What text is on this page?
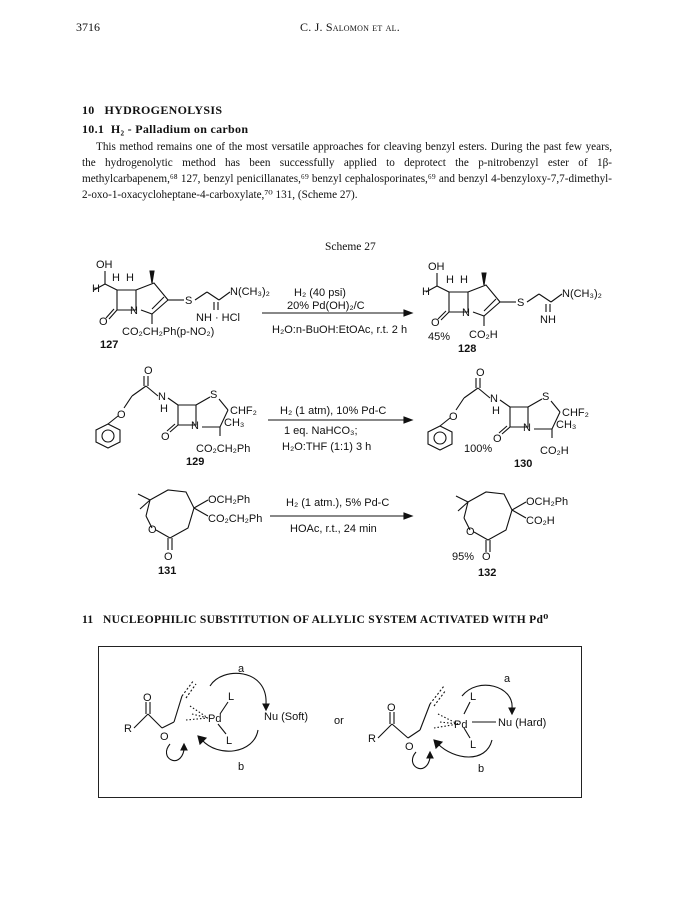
3716	C. J. Salomon et al.
10 HYDROGENOLYSIS
10.1 H₂ - Palladium on carbon

This method remains one of the most versatile approaches for cleaving benzyl esters. During the past few years, the hydrogenolytic method has been successfully applied to deprotect the p-nitrobenzyl ester of 1β-methylcarbapenem,⁶⁸ 127, benzyl penicillanates,⁶⁹ benzyl cephalosporinates,⁶⁹ and benzyl 4-benzyloxy-7,7-dimethyl-2-oxo-1-oxacycloheptane-4-carboxylate,⁷⁰ 131, (Scheme 27).

Scheme 27
OH
H
H H
O
N
S
N(CH₃)₂
NH · HCl
CO₂CH₂Ph(p-NO₂)
127
H₂ (40 psi)
20% Pd(OH)₂/C
H₂O:n-BuOH:EtOAc, r.t. 2 h
OH
H
H H
O
N
S
N(CH₃)₂
NH
CO₂H
45%
128
O
N
H
O
O
N
S
CHF₂
CH₃
CO₂CH₂Ph
129
H₂ (1 atm), 10% Pd-C
1 eq. NaHCO₃;
H₂O:THF (1:1) 3 h
O
N
H
O
O
N
S
CHF₂
CH₃
CO₂H
100%
130
O
O
OCH₂Ph
CO₂CH₂Ph
131
H₂ (1 atm.), 5% Pd-C
HOAc, r.t., 24 min
O
O
OCH₂Ph
CO₂H
95%
132
11 NUCLEOPHILIC SUBSTITUTION OF ALLYLIC SYSTEM ACTIVATED WITH Pd⁰
R
O
O
Pd
L
L
a
b
Nu (Soft) or
R
O
O
Pd
L
L
a
b
Nu (Hard)
